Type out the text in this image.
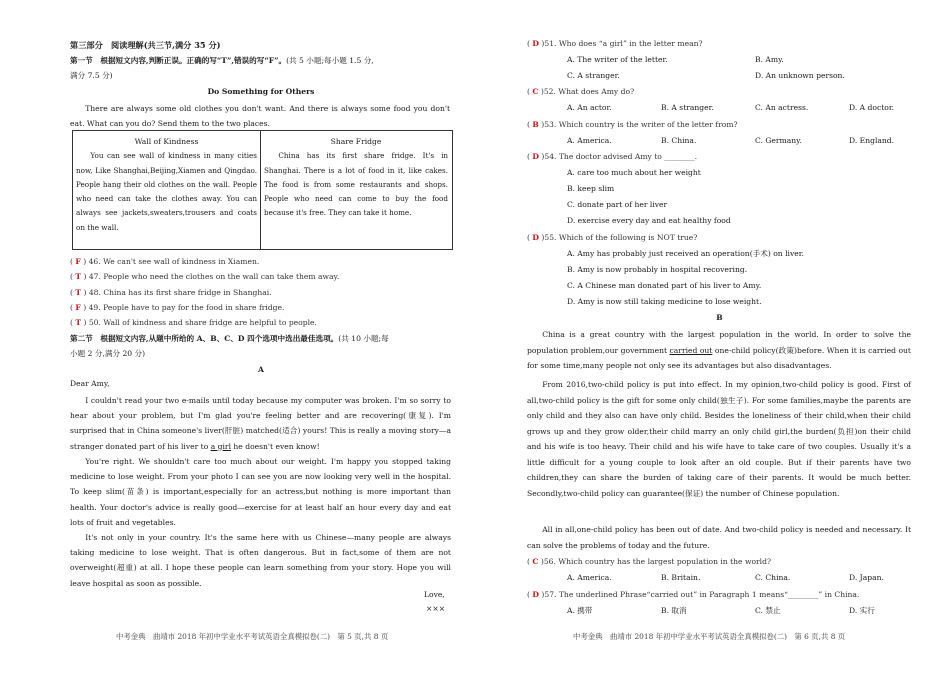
第三部分　阅读理解(共三节,满分 35 分)
第一节　根据短文内容,判断正误。正确的写“T”,错误的写“F”。(共 5 小题;每小题 1.5 分,
满分 7.5 分)
Do Something for Others
There are always some old clothes you don't want. And there is always some food you don't eat. What can you do? Send them to the two places.
Wall of Kindness

You can see wall of kindness in many cities now, Like Shanghai,Beijing,Xiamen and Qingdao. People hang their old clothes on the wall. People who need can take the clothes away. You can always see jackets,sweaters,trousers and coats on the wall.

Share Fridge

China has its first share fridge. It's in Shanghai. There is a lot of food in it, like cakes. The food is from some restaurants and shops. People who need can come to buy the food because it's free. They can take it home.

( F ) 46. We can't see wall of kindness in Xiamen.
( T ) 47. People who need the clothes on the wall can take them away.
( T ) 48. China has its first share fridge in Shanghai.
( F ) 49. People have to pay for the food in share fridge.
( T ) 50. Wall of kindness and share fridge are helpful to people.
第二节　根据短文内容,从题中所给的 A、B、C、D 四个选项中选出最佳选项。(共 10 小题;每
小题 2 分,满分 20 分)
A
Dear Amy,
I couldn't read your two e-mails until today because my computer was broken. I'm so sorry to hear about your problem, but I'm glad you're feeling better and are recovering(康复). I'm surprised that in China someone's liver(肝脏) matched(适合) yours! This is really a moving story—a stranger donated part of his liver to a girl he doesn't even know!
You're right. We shouldn't care too much about our weight. I'm happy you stopped taking medicine to lose weight. From your photo I can see you are now looking very well in the hospital. To keep slim(苗条) is important,especially for an actress,but nothing is more important than health. Your doctor's advice is really good—exercise for at least half an hour every day and eat lots of fruit and vegetables.
It's not only in your country. It's the same here with us Chinese—many people are always taking medicine to lose weight. That is often dangerous. But in fact,some of them are not overweight(超重) at all. I hope these people can learn something from your story. Hope you will leave hospital as soon as possible.
Love,
×××
中考金典　曲靖市 2018 年初中学业水平考试英语全真模拟卷(二)　第 5 页,共 8 页
( D )51. Who does “a girl” in the letter mean?
A. The writer of the letter.	B. Amy.
C. A stranger.	D. An unknown person.
( C )52. What does Amy do?
A. An actor.	B. A stranger.	C. An actress.	D. A doctor.
( B )53. Which country is the writer of the letter from?
A. America.	B. China.	C. Germany.	D. England.
( D )54. The doctor advised Amy to ________.
A. care too much about her weight
B. keep slim
C. donate part of her liver
D. exercise every day and eat healthy food
( D )55. Which of the following is NOT true?
A. Amy has probably just received an operation(手术) on liver.
B. Amy is now probably in hospital recovering.
C. A Chinese man donated part of his liver to Amy.
D. Amy is now still taking medicine to lose weight.
B
China is a great country with the largest population in the world. In order to solve the population problem,our government carried out one-child policy(政策)before. When it is carried out for some time,many people not only see its advantages but also disadvantages.
From 2016,two-child policy is put into effect. In my opinion,two-child policy is good. First of all,two-child policy is the gift for some only child(独生子). For some families,maybe the parents are only child and they also can have only child. Besides the loneliness of their child,when their child grows up and they grow older,their child marry an only child girl,the burden(负担)on their child and his wife is too heavy. Their child and his wife have to take care of two couples. Usually it's a little difficult for a young couple to look after an old couple. But if their parents have two children,they can share the burden of taking care of their parents. It would be much better. Secondly,two-child policy can guarantee(保证) the number of Chinese population.
All in all,one-child policy has been out of date. And two-child policy is needed and necessary. It can solve the problems of today and the future.
( C )56. Which country has the largest population in the world?
A. America.	B. Britain.	C. China.	D. Japan.
( D )57. The underlined Phrase“carried out” in Paragraph 1 means“________” in China.
A. 携带	B. 取消	C. 禁止	D. 实行
中考金典　曲靖市 2018 年初中学业水平考试英语全真模拟卷(二)　第 6 页,共 8 页
